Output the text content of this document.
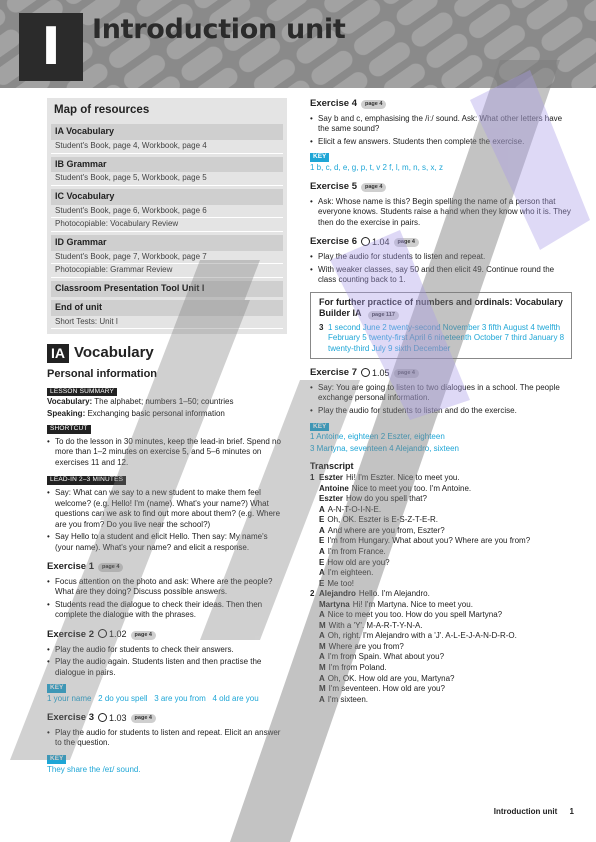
I	Introduction unit
Map of resources
IA Vocabulary
Student's Book, page 4, Workbook, page 4
IB Grammar
Student's Book, page 5, Workbook, page 5
IC Vocabulary
Student's Book, page 6, Workbook, page 6
Photocopiable: Vocabulary Review
ID Grammar
Student's Book, page 7, Workbook, page 7
Photocopiable: Grammar Review
Classroom Presentation Tool Unit I
End of unit
Short Tests: Unit I
IA Vocabulary
Personal information
LESSON SUMMARY

Vocabulary: The alphabet; numbers 1–50; countries

Speaking: Exchanging basic personal information

SHORTCUT
• To do the lesson in 30 minutes, keep the lead-in brief. Spend no more than 1–2 minutes on exercise 5, and 5–6 minutes on exercises 11 and 12.
LEAD-IN 2–3 MINUTES
• Say: What can we say to a new student to make them feel welcome? (e.g. Hello! I'm (name). What's your name?) What questions can we ask to find out more about them? (e.g. Where are you from? Do you live near the school?)
• Say Hello to a student and elicit Hello. Then say: My name's (your name). What's your name? and elicit a response.
Exercise 1	page 4
• Focus attention on the photo and ask: Where are the people? What are they doing? Discuss possible answers.
• Students read the dialogue to check their ideas. Then then complete the dialogue with the phrases.
Exercise 2	1.02	page 4
• Play the audio for students to check their answers.
• Play the audio again. Students listen and then practise the dialogue in pairs.
KEY
1 your name 2 do you spell 3 are you from 4 old are you
Exercise 3	1.03	page 4
• Play the audio for students to listen and repeat. Elicit an answer to the question.
KEY
They share the /eɪ/ sound.
Exercise 4	page 4
• Say b and c, emphasising the /iː/ sound. Ask: What other letters have the same sound?
• Elicit a few answers. Students then complete the exercise.
KEY
1 b, c, d, e, g, p, t, v 2 f, l, m, n, s, x, z
Exercise 5	page 4
• Ask: Whose name is this? Begin spelling the name of a person that everyone knows. Students raise a hand when they know who it is. They then do the exercise in pairs.
Exercise 6	1.04	page 4
• Play the audio for students to listen and repeat.
• With weaker classes, say 50 and then elicit 49. Continue round the class counting back to 1.
For further practice of numbers and ordinals: Vocabulary Builder IA page 117
3 1 second June 2 twenty-second November 3 fifth August 4 twelfth February 5 twenty-first April 6 nineteenth October 7 third January 8 twenty-third July 9 sixth December
Exercise 7	1.05	page 4
• Say: You are going to listen to two dialogues in a school. The people exchange personal information.
• Play the audio for students to listen and do the exercise.
KEY
1 Antoine, eighteen 2 Eszter, eighteen
3 Martyna, seventeen 4 Alejandro, sixteen
Transcript
1 Eszter Hi! I'm Eszter. Nice to meet you.
Antoine Nice to meet you too. I'm Antoine.
Eszter How do you spell that?
A A-N-T-O-I-N-E.
E Oh, OK. Eszter is E-S-Z-T-E-R.
A And where are you from, Eszter?
E I'm from Hungary. What about you? Where are you from?
A I'm from France.
E How old are you?
A I'm eighteen.
E Me too!
2 Alejandro Hello. I'm Alejandro.
Martyna Hi! I'm Martyna. Nice to meet you.
A Nice to meet you too. How do you spell Martyna?
M With a 'Y'. M-A-R-T-Y-N-A.
A Oh, right. I'm Alejandro with a 'J'. A-L-E-J-A-N-D-R-O.
M Where are you from?
A I'm from Spain. What about you?
M I'm from Poland.
A Oh, OK. How old are you, Martyna?
M I'm seventeen. How old are you?
A I'm sixteen.
Introduction unit 1
